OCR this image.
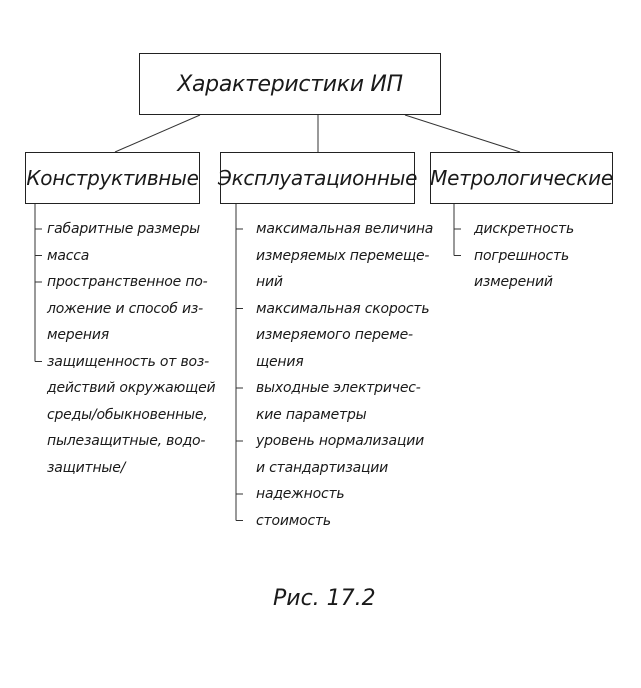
Характеристики ИП
Конструктивные Эксплуатационные Метрологические
габаритные размеры
масса
пространственное по-
ложение и способ из-
мерения
защищенность от воз-
действий окружающей
среды/обыкновенные,
пылезащитные, водо-
защитные/
максимальная величина
измеряемых перемеще-
ний
максимальная скорость
измеряемого переме-
щения
выходные электричес-
кие параметры
уровень нормализации
и стандартизации
надежность
стоимость
дискретность
погрешность
измерений
Рис. 17.2
